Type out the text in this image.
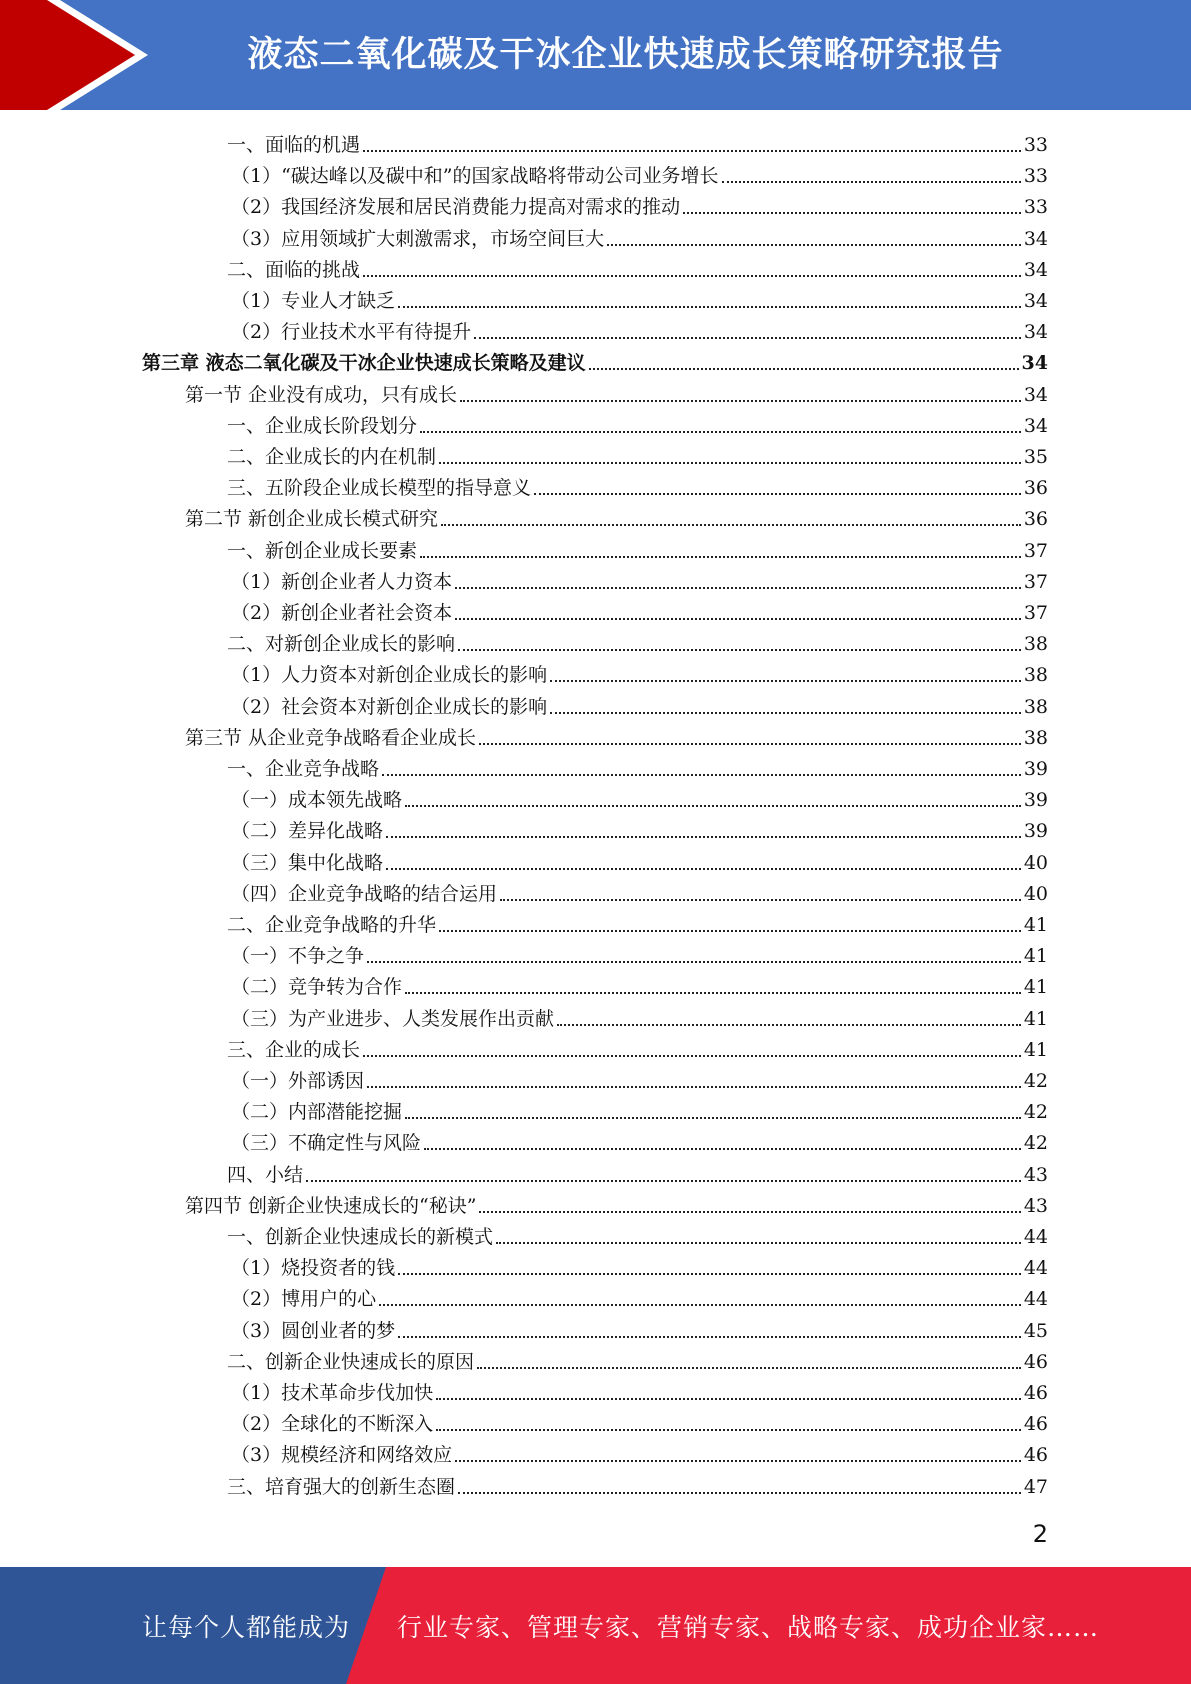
液态二氧化碳及干冰企业快速成长策略研究报告
一、面临的机遇	33
（1）“碳达峰以及碳中和”的国家战略将带动公司业务增长	33
（2）我国经济发展和居民消费能力提高对需求的推动	33
（3）应用领域扩大刺激需求，市场空间巨大	34
二、面临的挑战	34
（1）专业人才缺乏	34
（2）行业技术水平有待提升	34
第三章 液态二氧化碳及干冰企业快速成长策略及建议	34
第一节 企业没有成功，只有成长	34
一、企业成长阶段划分	34
二、企业成长的内在机制	35
三、五阶段企业成长模型的指导意义	36
第二节 新创企业成长模式研究	36
一、新创企业成长要素	37
（1）新创企业者人力资本	37
（2）新创企业者社会资本	37
二、对新创企业成长的影响	38
（1）人力资本对新创企业成长的影响	38
（2）社会资本对新创企业成长的影响	38
第三节 从企业竞争战略看企业成长	38
一、企业竞争战略	39
（一）成本领先战略	39
（二）差异化战略	39
（三）集中化战略	40
（四）企业竞争战略的结合运用	40
二、企业竞争战略的升华	41
（一）不争之争	41
（二）竞争转为合作	41
（三）为产业进步、人类发展作出贡献	41
三、企业的成长	41
（一）外部诱因	42
（二）内部潜能挖掘	42
（三）不确定性与风险	42
四、小结	43
第四节 创新企业快速成长的“秘诀”	43
一、创新企业快速成长的新模式	44
（1）烧投资者的钱	44
（2）博用户的心	44
（3）圆创业者的梦	45
二、创新企业快速成长的原因	46
（1）技术革命步伐加快	46
（2）全球化的不断深入	46
（3）规模经济和网络效应	46
三、培育强大的创新生态圈	47
2
让每个人都能成为 行业专家、管理专家、营销专家、战略专家、成功企业家……
